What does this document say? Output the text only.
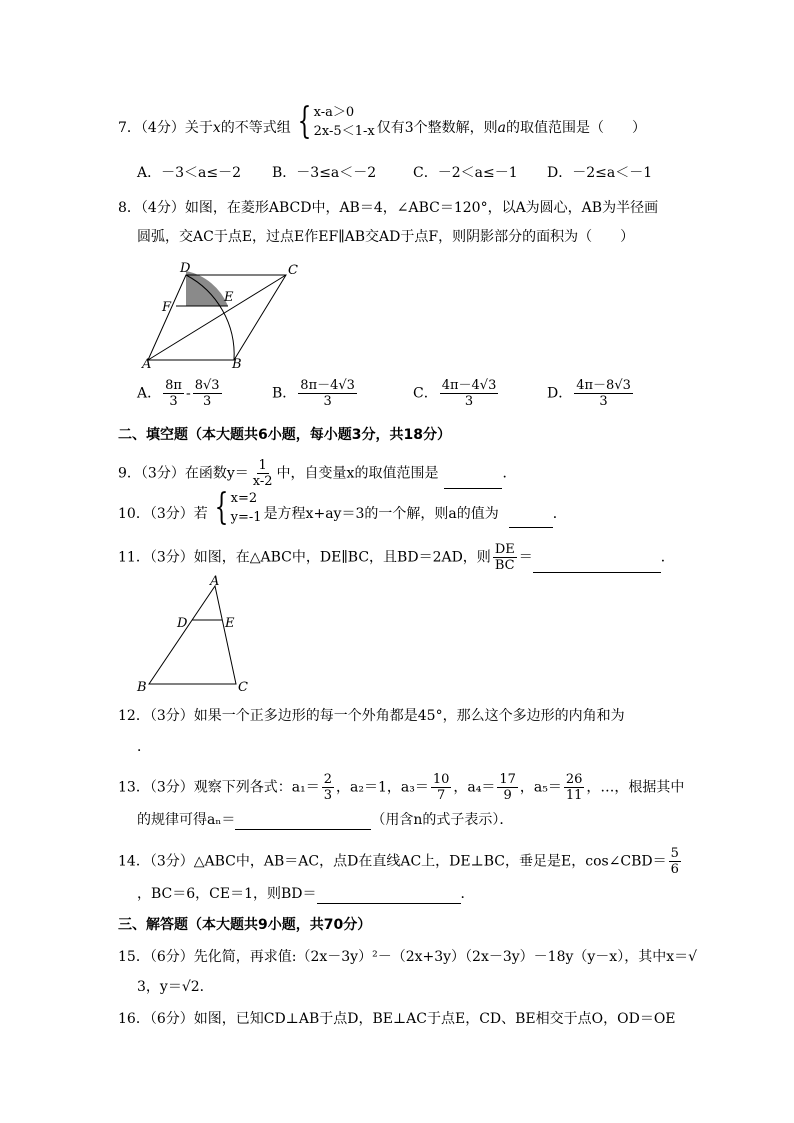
7．（4分）关于x的不等式组 { x-a＞0
2x-5＜1-x 仅有3个整数解，则a的取值范围是（　　）
A．－3＜a≤－2 B．－3≤a＜－2	C．－2＜a≤－1 D．－2≤a＜－1
8．（4分）如图，在菱形ABCD中，AB＝4，∠ABC＝120°，以A为圆心，AB为半径画
圆弧，交AC于点E，过点E作EF∥AB交AD于点F，则阴影部分的面积为（　　）
D	C
F
E
A	B
A． $\frac{8\pi}{3} - \frac{8√3}{3}$	B． $\frac{8\pi-4√3}{3}$	C． $\frac{4\pi-4√3}{3}$	D． $\frac{4\pi-8√3}{3}$
二、填空题（本大题共6小题，每小题3分，共18分）
9．（3分）在函数$y= \frac{1}{x-2}$ 中，自变量x的取值范围是	．
10．（3分）若 { x=2
y=-1 是方程x+ay＝3的一个解，则a的值为	．
11．（3分）如图，在△ABC中，DE∥BC，且BD＝2AD，则 $\frac{DE}{BC}$ ＝	．
A
D	E
B	C
12．（3分）如果一个正多边形的每一个外角都是45°，那么这个多边形的内角和为
．
13．（3分）观察下列各式：$a_1= \frac{2}{3}$ ，a₂＝1，$a_3= \frac{10}{7}$ ，$a_4= \frac{17}{9}$ ，$a_5= \frac{26}{11}$ ，…，根据其中
的规律可得aₙ＝	（用含n的式子表示）．
14．（3分）△ABC中，AB＝AC，点D在直线AC上，DE⊥BC，垂足是E，cos∠CBD＝ $\frac{5}{6}$
，BC＝6，CE＝1，则BD＝	．
三、解答题（本大题共9小题，共70分）
15．（6分）先化简，再求值:（2x－3y）²－（2x+3y）（2x－3y）－18y（y－x），其中x＝√
3，y＝√2．
16．（6分）如图，已知CD⊥AB于点D，BE⊥AC于点E，CD、BE相交于点O，OD＝OE
